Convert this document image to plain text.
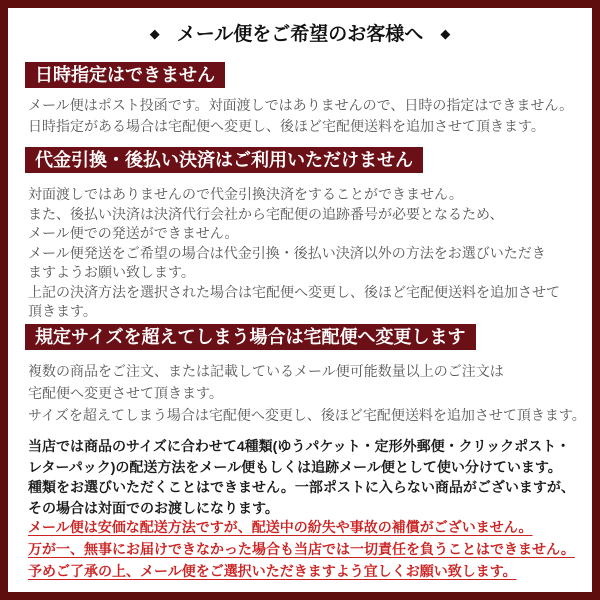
◆ メール便をご希望のお客様へ ◆
日時指定はできません
メール便はポスト投函です。対面渡しではありませんので、日時の指定はできません。
日時指定がある場合は宅配便へ変更し、後ほど宅配便送料を追加させて頂きます。
代金引換・後払い決済はご利用いただけません
対面渡しではありませんので代金引換決済をすることができません。
また、後払い決済は決済代行会社から宅配便の追跡番号が必要となるため、
メール便での発送ができません。
メール便発送をご希望の場合は代金引換・後払い決済以外の方法をお選びいただき
ますようお願い致します。
上記の決済方法を選択された場合は宅配便へ変更し、後ほど宅配便送料を追加させて
頂きます。
規定サイズを超えてしまう場合は宅配便へ変更します
複数の商品をご注文、または記載しているメール便可能数量以上のご注文は
宅配便へ変更させて頂きます。
サイズを超えてしまう場合は宅配便へ変更し、後ほど宅配便送料を追加させて頂きます。
当店では商品のサイズに合わせて4種類(ゆうパケット・定形外郵便・クリックポスト・
レターパック)の配送方法をメール便もしくは追跡メール便として使い分けています。
種類をお選びいただくことはできません。一部ポストに入らない商品がございますが、
その場合は対面でのお渡しになります。
メール便は安価な配送方法ですが、配送中の紛失や事故の補償がございません。
万が一、無事にお届けできなかった場合も当店では一切責任を負うことはできません。
予めご了承の上、メール便をご選択いただきますよう宜しくお願い致します。
